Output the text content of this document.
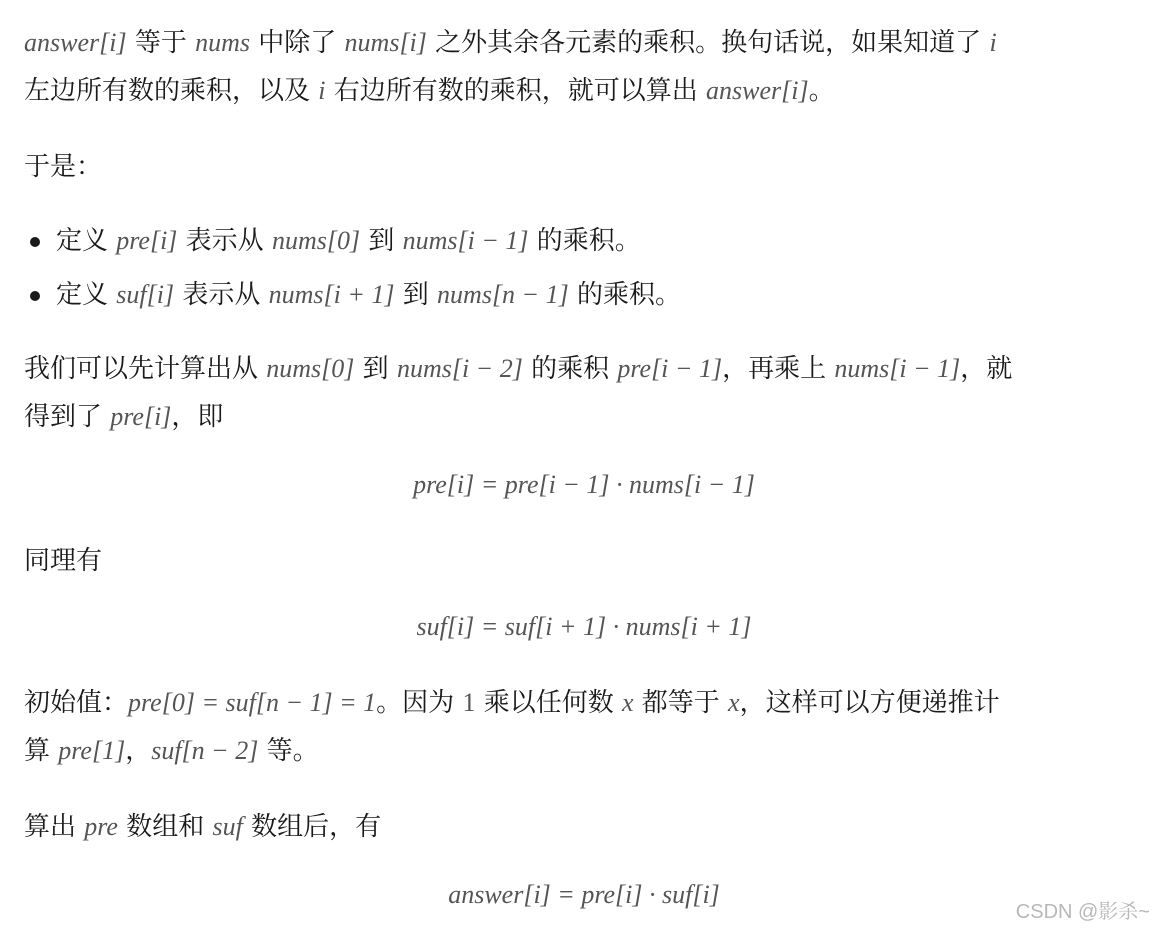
answer[i] 等于 nums 中除了 nums[i] 之外其余各元素的乘积。换句话说，如果知道了 i
左边所有数的乘积，以及 i 右边所有数的乘积，就可以算出 answer[i]。
于是：
定义 pre[i] 表示从 nums[0] 到 nums[i − 1] 的乘积。
定义 suf[i] 表示从 nums[i + 1] 到 nums[n − 1] 的乘积。
我们可以先计算出从 nums[0] 到 nums[i − 2] 的乘积 pre[i − 1]，再乘上 nums[i − 1]，就
得到了 pre[i]，即
pre[i] = pre[i − 1] · nums[i − 1]
同理有
suf[i] = suf[i + 1] · nums[i + 1]
初始值：pre[0] = suf[n − 1] = 1。因为 1 乘以任何数 x 都等于 x，这样可以方便递推计
算 pre[1]，suf[n − 2] 等。
算出 pre 数组和 suf 数组后，有
answer[i] = pre[i] · suf[i]
CSDN @影杀~
